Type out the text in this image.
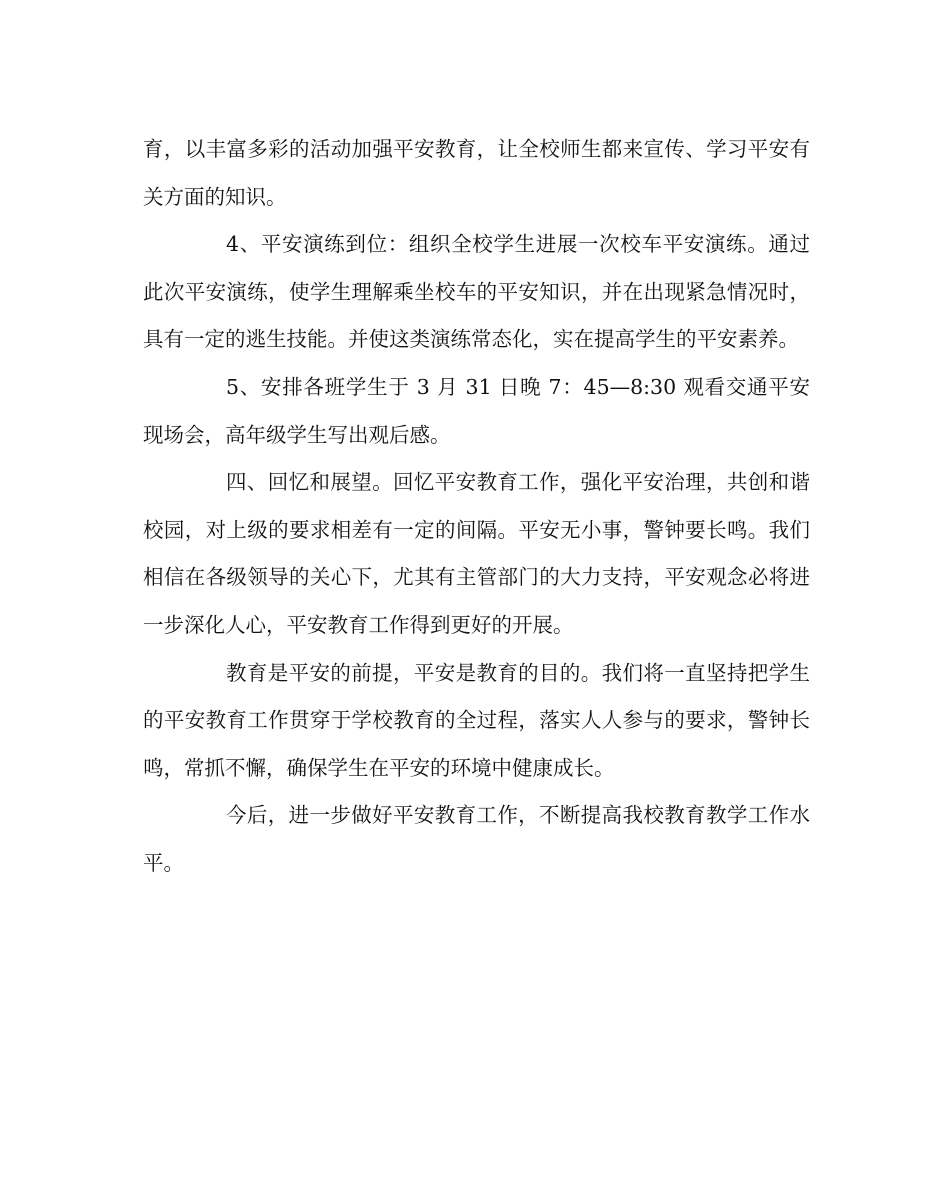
育，以丰富多彩的活动加强平安教育，让全校师生都来宣传、学习平安有关方面的知识。

4、平安演练到位：组织全校学生进展一次校车平安演练。通过此次平安演练，使学生理解乘坐校车的平安知识，并在出现紧急情况时，具有一定的逃生技能。并使这类演练常态化，实在提高学生的平安素养。

5、安排各班学生于 3 月 31 日晚 7：45—8:30 观看交通平安现场会，高年级学生写出观后感。

四、回忆和展望。回忆平安教育工作，强化平安治理，共创和谐校园，对上级的要求相差有一定的间隔。平安无小事，警钟要长鸣。我们相信在各级领导的关心下，尤其有主管部门的大力支持，平安观念必将进一步深化人心，平安教育工作得到更好的开展。

教育是平安的前提，平安是教育的目的。我们将一直坚持把学生的平安教育工作贯穿于学校教育的全过程，落实人人参与的要求，警钟长鸣，常抓不懈，确保学生在平安的环境中健康成长。

今后，进一步做好平安教育工作，不断提高我校教育教学工作水平。
